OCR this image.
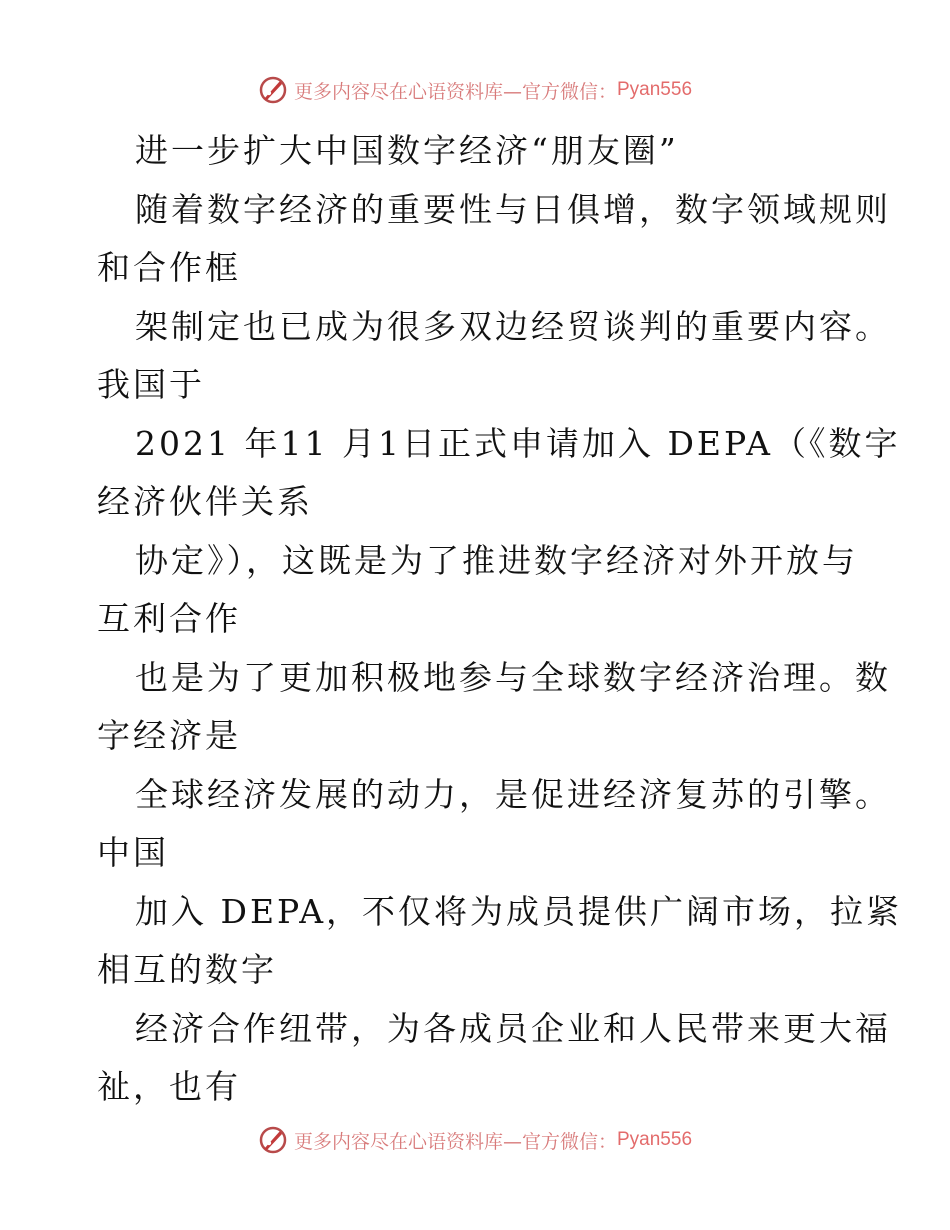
更多内容尽在心语资料库—官方微信： Pyan556
进一步扩大中国数字经济“朋友圈”
随着数字经济的重要性与日俱增，数字领域规则
和合作框
架制定也已成为很多双边经贸谈判的重要内容。
我国于
2021 年11 月1日正式申请加入 DEPA（《数字
经济伙伴关系
协定》），这既是为了推进数字经济对外开放与
互利合作
也是为了更加积极地参与全球数字经济治理。数
字经济是
全球经济发展的动力，是促进经济复苏的引擎。
中国
加入 DEPA，不仅将为成员提供广阔市场，拉紧
相互的数字
经济合作纽带，为各成员企业和人民带来更大福
祉，也有
更多内容尽在心语资料库—官方微信： Pyan556
